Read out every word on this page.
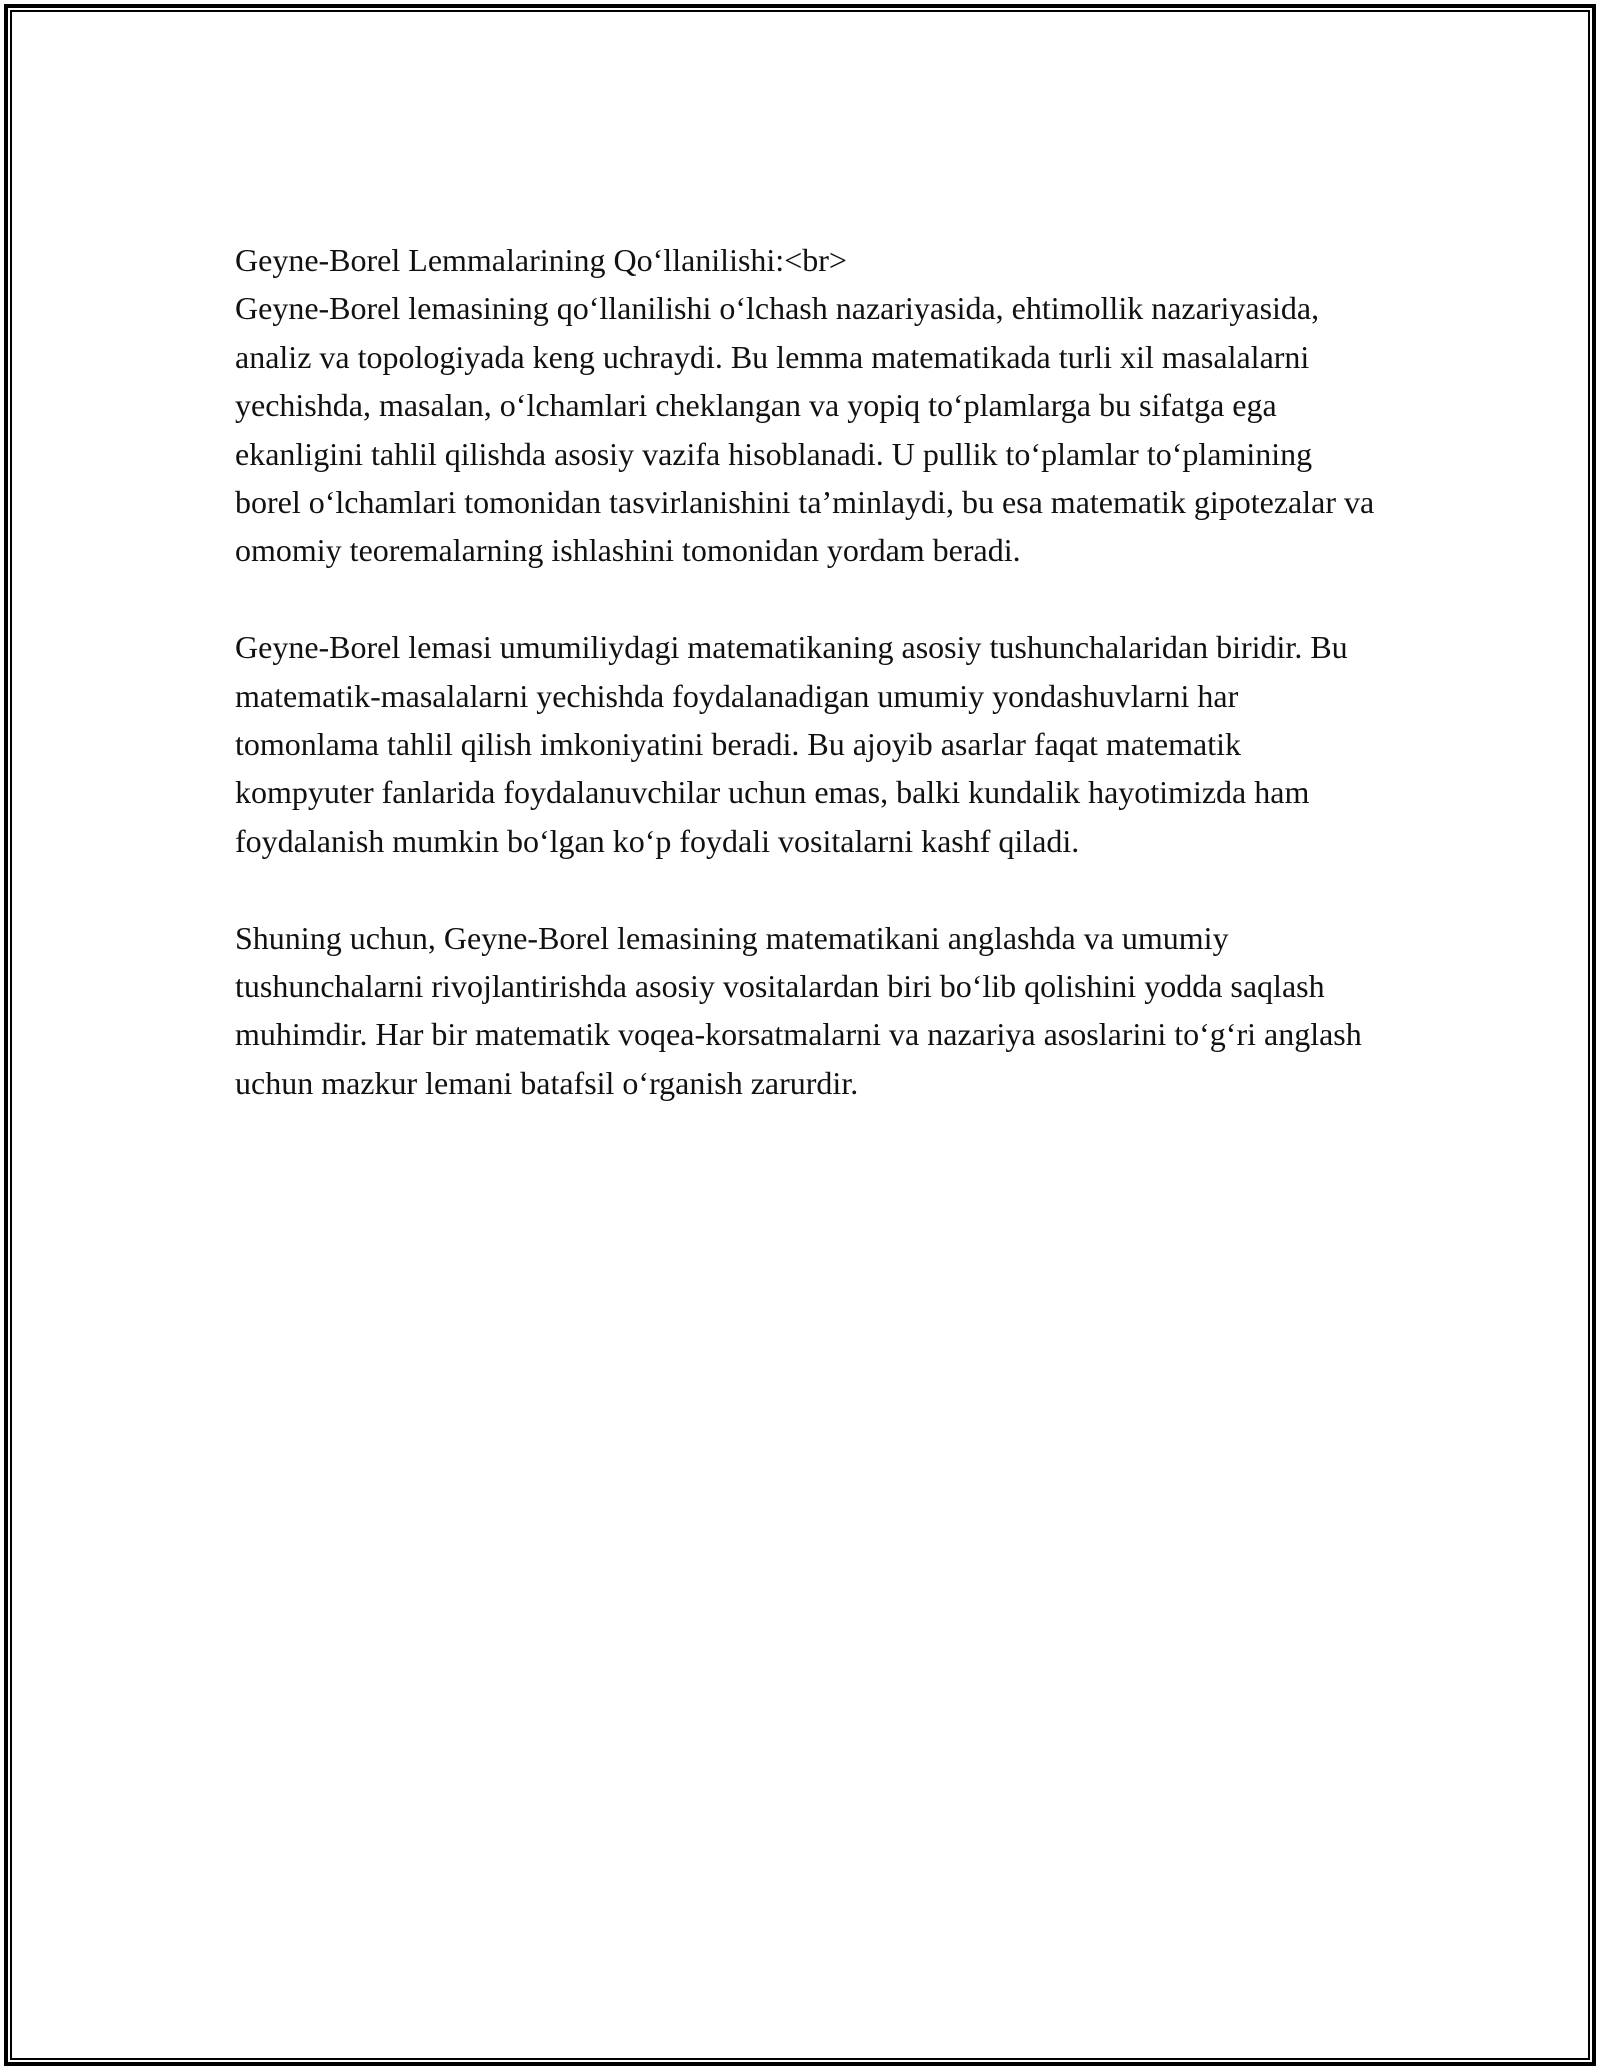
Geyne-Borel Lemmalarining Qo‘llanilishi:<br>

Geyne-Borel lemasining qo‘llanilishi o‘lchash nazariyasida, ehtimollik nazariyasida, analiz va topologiyada keng uchraydi. Bu lemma matematikada turli xil masalalarni yechishda, masalan, o‘lchamlari cheklangan va yopiq to‘plamlarga bu sifatga ega ekanligini tahlil qilishda asosiy vazifa hisoblanadi. U pullik to‘plamlar to‘plamining borel o‘lchamlari tomonidan tasvirlanishini ta’minlaydi, bu esa matematik gipotezalar va omomiy teoremalarning ishlashini tomonidan yordam beradi.

Geyne-Borel lemasi umumiliydagi matematikaning asosiy tushunchalaridan biridir. Bu matematik-masalalarni yechishda foydalanadigan umumiy yondashuvlarni har tomonlama tahlil qilish imkoniyatini beradi. Bu ajoyib asarlar faqat matematik kompyuter fanlarida foydalanuvchilar uchun emas, balki kundalik hayotimizda ham foydalanish mumkin bo‘lgan ko‘p foydali vositalarni kashf qiladi.

Shuning uchun, Geyne-Borel lemasining matematikani anglashda va umumiy tushunchalarni rivojlantirishda asosiy vositalardan biri bo‘lib qolishini yodda saqlash muhimdir. Har bir matematik voqea-korsatmalarni va nazariya asoslarini to‘g‘ri anglash uchun mazkur lemani batafsil o‘rganish zarurdir.
